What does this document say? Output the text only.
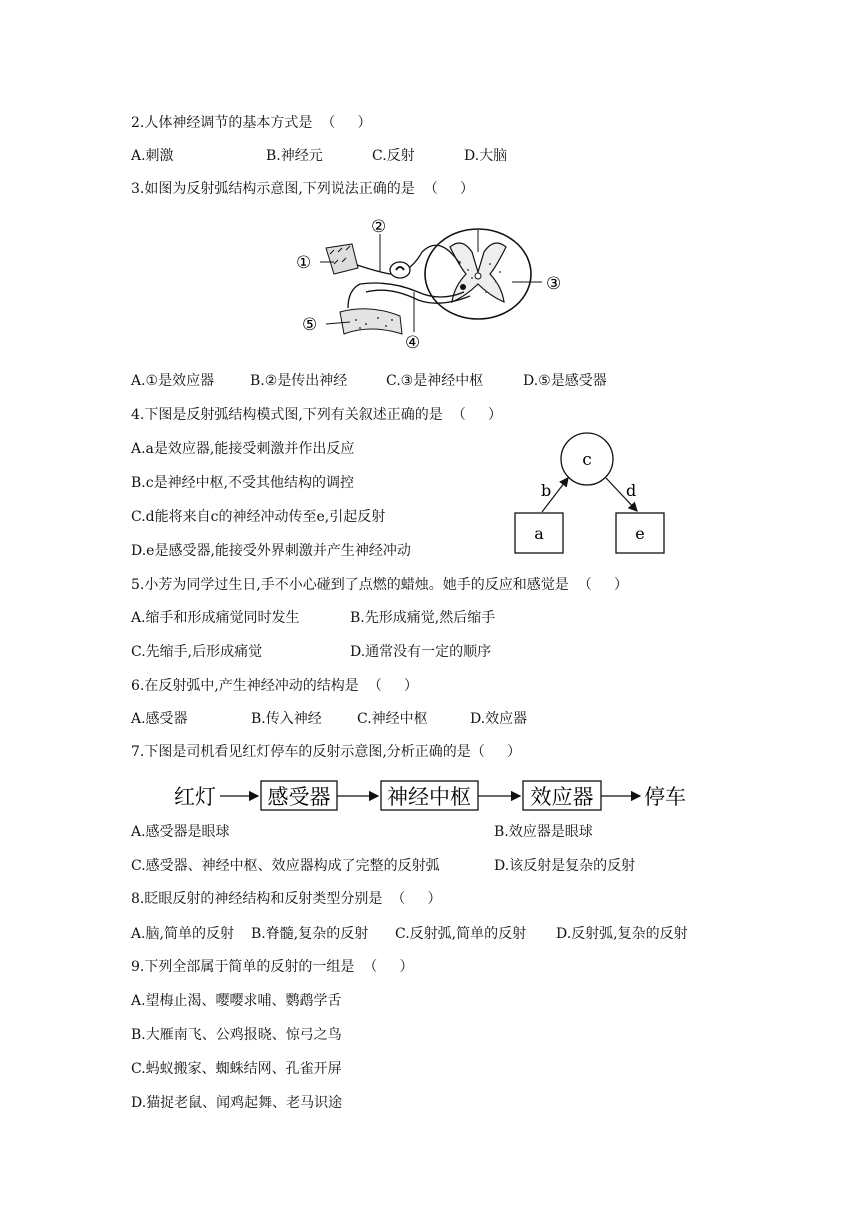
2.人体神经调节的基本方式是  （     ）
A.刺激	B.神经元	C.反射	D.大脑
3.如图为反射弧结构示意图,下列说法正确的是  （     ）
①
②
③
④
⑤
A.①是效应器	B.②是传出神经	C.③是神经中枢	D.⑤是感受器
4.下图是反射弧结构模式图,下列有关叙述正确的是  （     ）
A.a是效应器,能接受刺激并作出反应
B.c是神经中枢,不受其他结构的调控
C.d能将来自c的神经冲动传至e,引起反射
D.e是感受器,能接受外界刺激并产生神经冲动
c
b	d
a	e
5.小芳为同学过生日,手不小心碰到了点燃的蜡烛。她手的反应和感觉是  （     ）
A.缩手和形成痛觉同时发生	B.先形成痛觉,然后缩手
C.先缩手,后形成痛觉	D.通常没有一定的顺序
6.在反射弧中,产生神经冲动的结构是  （     ）
A.感受器	B.传入神经	C.神经中枢	D.效应器
7.下图是司机看见红灯停车的反射示意图,分析正确的是（     ）
红灯 感受器	神经中枢	效应器 停车
A.感受器是眼球	B.效应器是眼球
C.感受器、神经中枢、效应器构成了完整的反射弧	D.该反射是复杂的反射
8.眨眼反射的神经结构和反射类型分别是  （     ）
A.脑,简单的反射 B.脊髓,复杂的反射 C.反射弧,简单的反射 D.反射弧,复杂的反射
9.下列全部属于简单的反射的一组是  （     ）
A.望梅止渴、嘤嘤求哺、鹦鹉学舌
B.大雁南飞、公鸡报晓、惊弓之鸟
C.蚂蚁搬家、蜘蛛结网、孔雀开屏
D.猫捉老鼠、闻鸡起舞、老马识途
